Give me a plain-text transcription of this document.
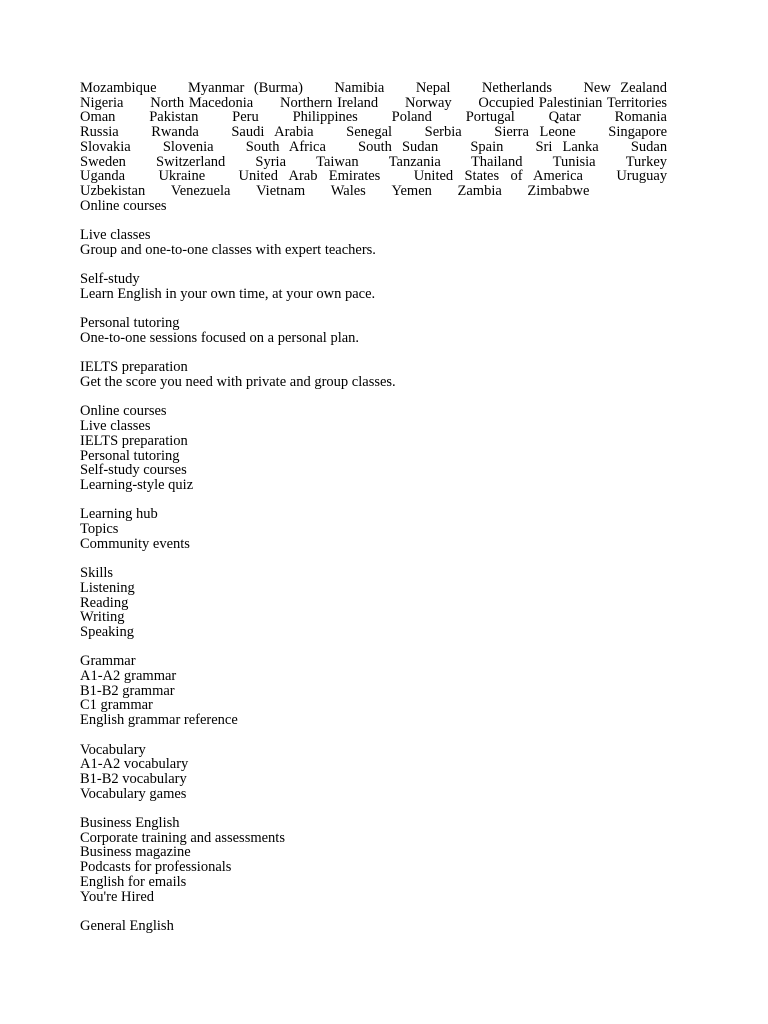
Mozambique Myanmar (Burma) Namibia Nepal Netherlands New ZealandNigeria North Macedonia Northern Ireland Norway Occupied Palestinian TerritoriesOman Pakistan Peru Philippines Poland Portugal Qatar RomaniaRussia Rwanda Saudi Arabia Senegal Serbia Sierra Leone SingaporeSlovakia Slovenia South Africa South Sudan Spain Sri Lanka SudanSweden Switzerland Syria Taiwan Tanzania Thailand Tunisia TurkeyUganda Ukraine United Arab Emirates United States of America UruguayUzbekistan Venezuela Vietnam Wales Yemen Zambia Zimbabwe
Online courses
Live classes
Group and one-to-one classes with expert teachers.
Self-study
Learn English in your own time, at your own pace.
Personal tutoring
One-to-one sessions focused on a personal plan.
IELTS preparation
Get the score you need with private and group classes.
Online courses
Live classes
IELTS preparation
Personal tutoring
Self-study courses
Learning-style quiz
Learning hub
Topics
Community events
Skills
Listening
Reading
Writing
Speaking
Grammar
A1-A2 grammar
B1-B2 grammar
C1 grammar
English grammar reference
Vocabulary
A1-A2 vocabulary
B1-B2 vocabulary
Vocabulary games
Business English
Corporate training and assessments
Business magazine
Podcasts for professionals
English for emails
You're Hired
General English
